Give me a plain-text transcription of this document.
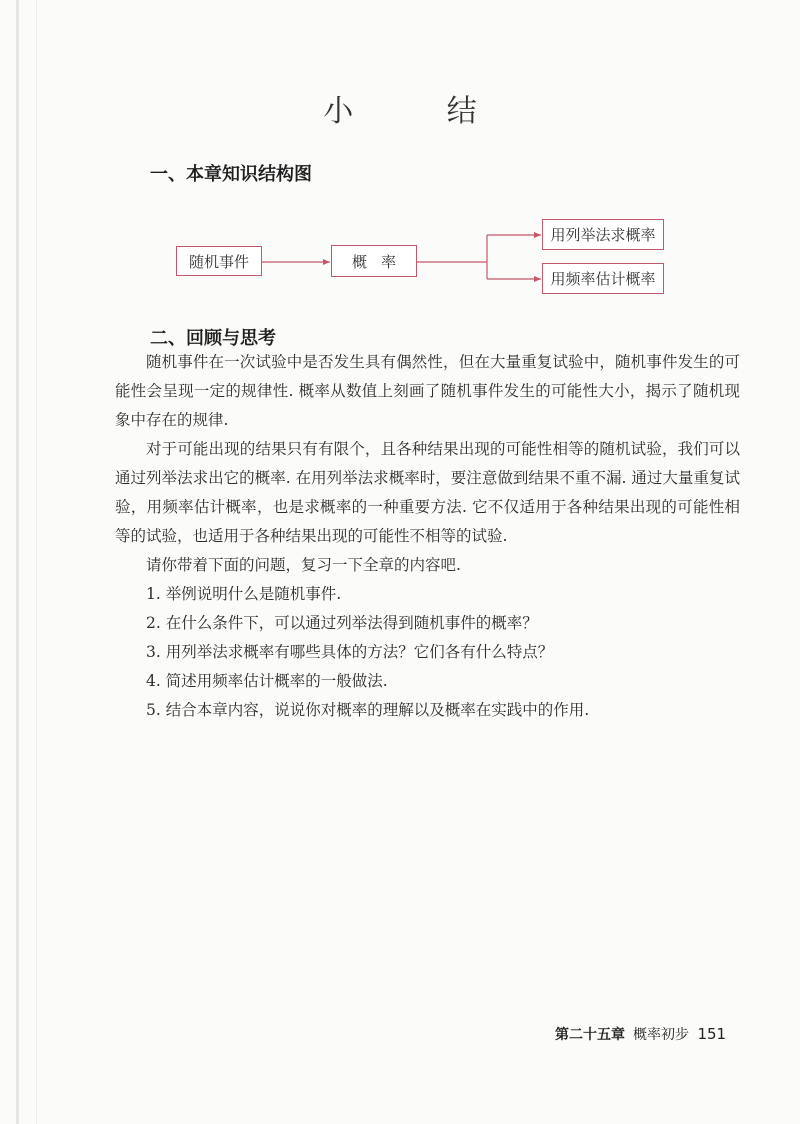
小 结
一、本章知识结构图
随机事件	概率
用列举法求概率
用频率估计概率
二、回顾与思考

随机事件在一次试验中是否发生具有偶然性，但在大量重复试验中，随机事件发生的可能性会呈现一定的规律性. 概率从数值上刻画了随机事件发生的可能性大小，揭示了随机现象中存在的规律.

对于可能出现的结果只有有限个，且各种结果出现的可能性相等的随机试验，我们可以通过列举法求出它的概率. 在用列举法求概率时，要注意做到结果不重不漏. 通过大量重复试验，用频率估计概率，也是求概率的一种重要方法. 它不仅适用于各种结果出现的可能性相等的试验，也适用于各种结果出现的可能性不相等的试验.

请你带着下面的问题，复习一下全章的内容吧.

1. 举例说明什么是随机事件.

2. 在什么条件下，可以通过列举法得到随机事件的概率？

3. 用列举法求概率有哪些具体的方法？它们各有什么特点？

4. 简述用频率估计概率的一般做法.

5. 结合本章内容，说说你对概率的理解以及概率在实践中的作用.

第二十五章 概率初步 151
